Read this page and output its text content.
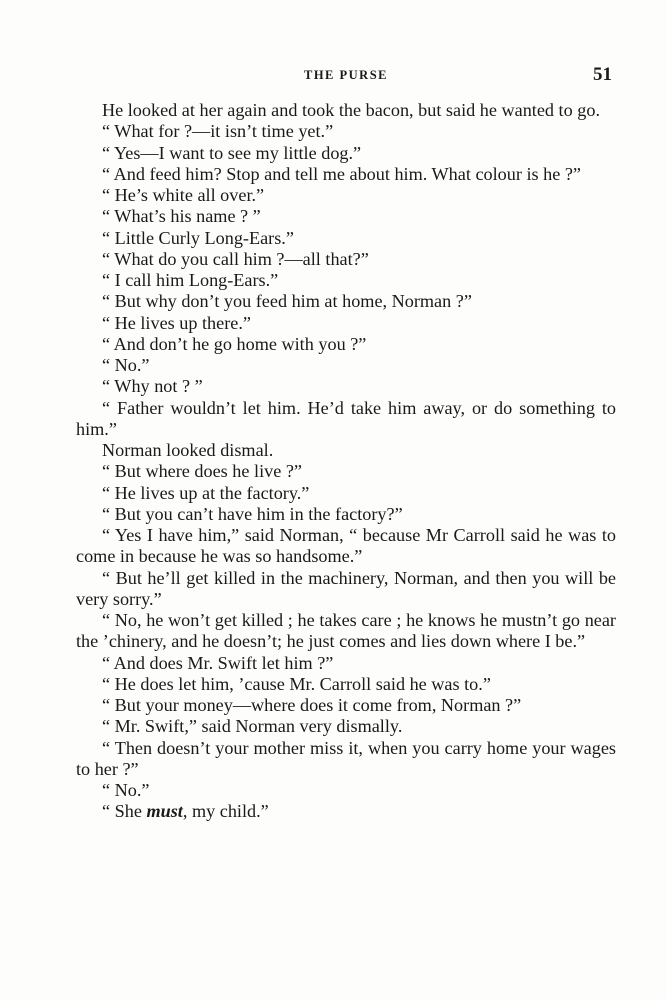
THE PURSE	51

He looked at her again and took the bacon, but said he wanted to go.

“ What for ?—it isn’t time yet.”

“ Yes—I want to see my little dog.”

“ And feed him? Stop and tell me about him. What colour is he ?”

“ He’s white all over.”

“ What’s his name ? ”

“ Little Curly Long-Ears.”

“ What do you call him ?—all that?”

“ I call him Long-Ears.”

“ But why don’t you feed him at home, Norman ?”

“ He lives up there.”

“ And don’t he go home with you ?”

“ No.”

“ Why not ? ”

“ Father wouldn’t let him. He’d take him away, or do something to him.”

Norman looked dismal.

“ But where does he live ?”

“ He lives up at the factory.”

“ But you can’t have him in the factory?”

“ Yes I have him,” said Norman, “ because Mr Carroll said he was to come in because he was so handsome.”

“ But he’ll get killed in the machinery, Norman, and then you will be very sorry.”

“ No, he won’t get killed ; he takes care ; he knows he mustn’t go near the ’chinery, and he doesn’t; he just comes and lies down where I be.”

“ And does Mr. Swift let him ?”

“ He does let him, ’cause Mr. Carroll said he was to.”

“ But your money—where does it come from, Norman ?”

“ Mr. Swift,” said Norman very dismally.

“ Then doesn’t your mother miss it, when you carry home your wages to her ?”

“ No.”

“ She must, my child.”
